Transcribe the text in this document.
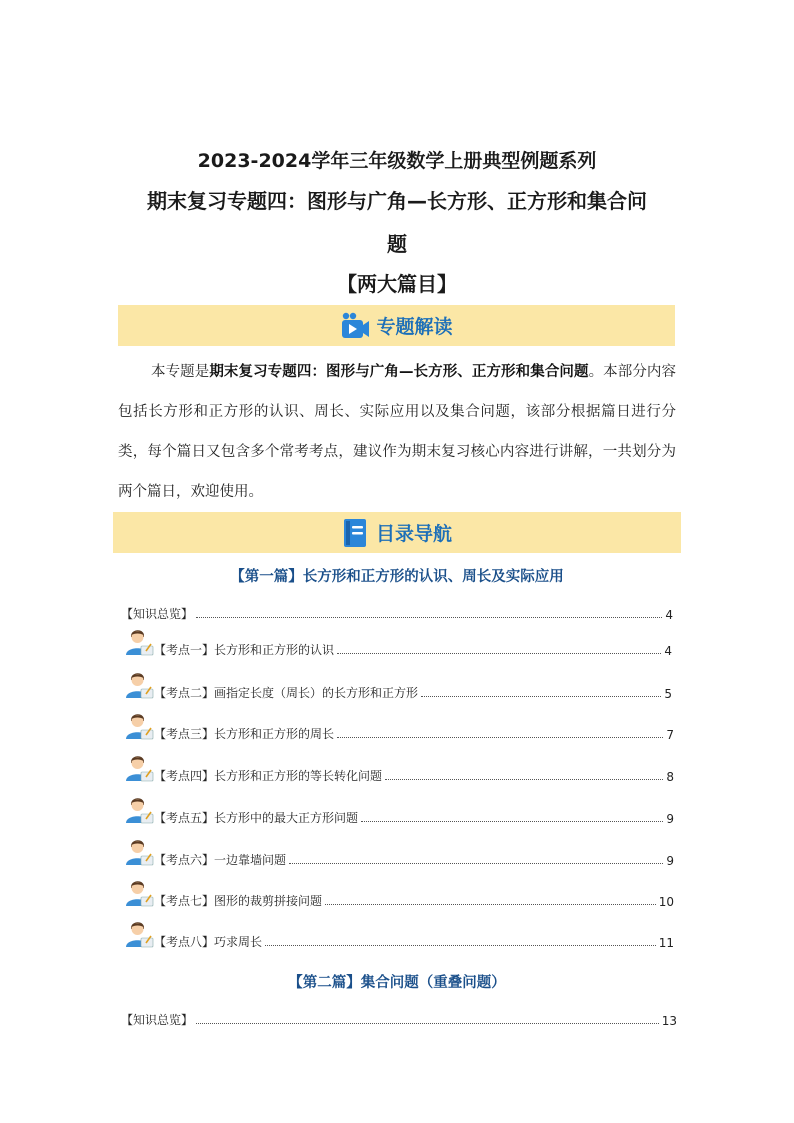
2023-2024学年三年级数学上册典型例题系列
期末复习专题四：图形与广角—长方形、正方形和集合问
题
【两大篇目】
专题解读

本专题是期末复习专题四：图形与广角—长方形、正方形和集合问题。本部分内容包括长方形和正方形的认识、周长、实际应用以及集合问题，该部分根据篇日进行分类，每个篇日又包含多个常考考点，建议作为期末复习核心内容进行讲解，一共划分为两个篇日，欢迎使用。

目录导航
【第一篇】长方形和正方形的认识、周长及实际应用
【知识总览】	4
【考点一】长方形和正方形的认识	4
【考点二】画指定长度（周长）的长方形和正方形	5
【考点三】长方形和正方形的周长	7
【考点四】长方形和正方形的等长转化问题	8
【考点五】长方形中的最大正方形问题	9
【考点六】一边靠墙问题	9
【考点七】图形的裁剪拼接问题	10
【考点八】巧求周长	11
【第二篇】集合问题（重叠问题）
【知识总览】	13
